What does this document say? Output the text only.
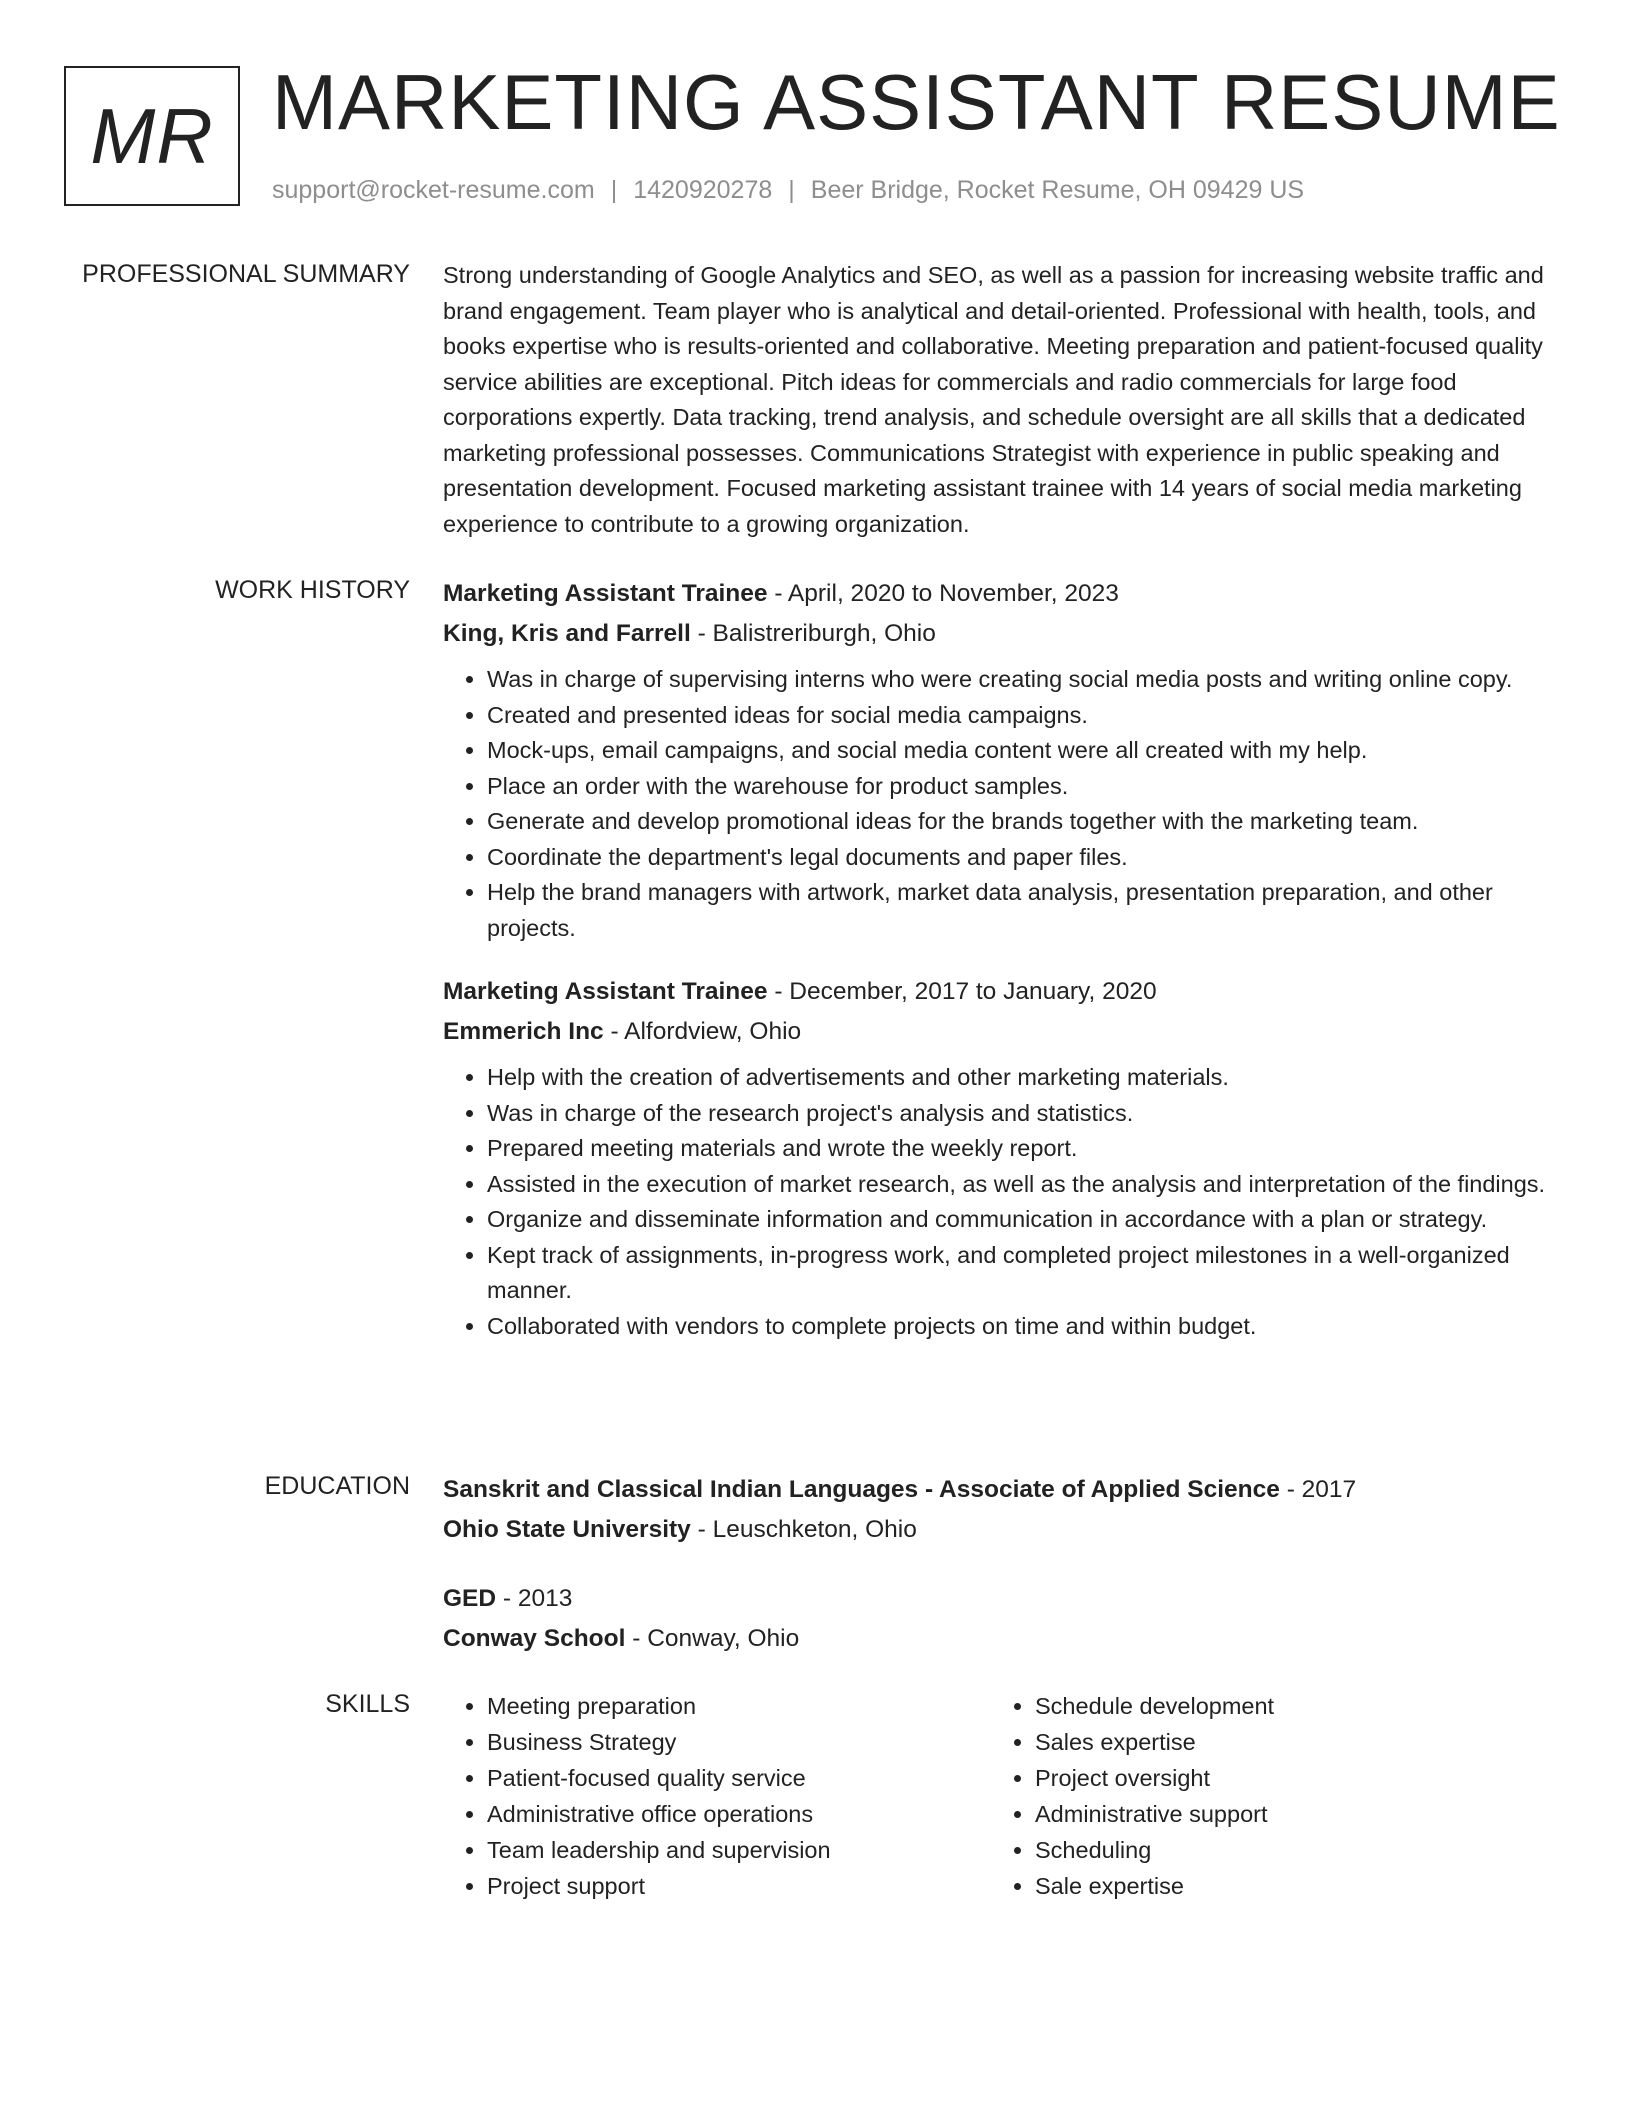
MR MARKETING ASSISTANT RESUME
support@rocket-resume.com | 1420920278 | Beer Bridge, Rocket Resume, OH 09429 US
PROFESSIONAL SUMMARY Strong understanding of Google Analytics and SEO, as well as a passion for increasing website traffic and brand engagement. Team player who is analytical and detail-oriented. Professional with health, tools, and books expertise who is results-oriented and collaborative. Meeting preparation and patient-focused quality service abilities are exceptional. Pitch ideas for commercials and radio commercials for large food corporations expertly. Data tracking, trend analysis, and schedule oversight are all skills that a dedicated marketing professional possesses. Communications Strategist with experience in public speaking and presentation development. Focused marketing assistant trainee with 14 years of social media marketing experience to contribute to a growing organization.

WORK HISTORY Marketing Assistant Trainee - April, 2020 to November, 2023
King, Kris and Farrell - Balistreriburgh, Ohio
• Was in charge of supervising interns who were creating social media posts and writing online copy.
• Created and presented ideas for social media campaigns.
• Mock-ups, email campaigns, and social media content were all created with my help.
• Place an order with the warehouse for product samples.
• Generate and develop promotional ideas for the brands together with the marketing team.
• Coordinate the department's legal documents and paper files.
• Help the brand managers with artwork, market data analysis, presentation preparation, and other projects.
Marketing Assistant Trainee - December, 2017 to January, 2020
Emmerich Inc - Alfordview, Ohio
• Help with the creation of advertisements and other marketing materials.
• Was in charge of the research project's analysis and statistics.
• Prepared meeting materials and wrote the weekly report.
• Assisted in the execution of market research, as well as the analysis and interpretation of the findings.
• Organize and disseminate information and communication in accordance with a plan or strategy.
• Kept track of assignments, in-progress work, and completed project milestones in a well-organized manner.
• Collaborated with vendors to complete projects on time and within budget.
EDUCATION Sanskrit and Classical Indian Languages - Associate of Applied Science - 2017
Ohio State University - Leuschketon, Ohio
GED - 2013
Conway School - Conway, Ohio
SKILLS
•	Meeting preparation
• Business Strategy
• Patient-focused quality service
• Administrative office operations
• Team leadership and supervision
• Project support
• Schedule development
• Sales expertise
• Project oversight
• Administrative support
• Scheduling
• Sale expertise
